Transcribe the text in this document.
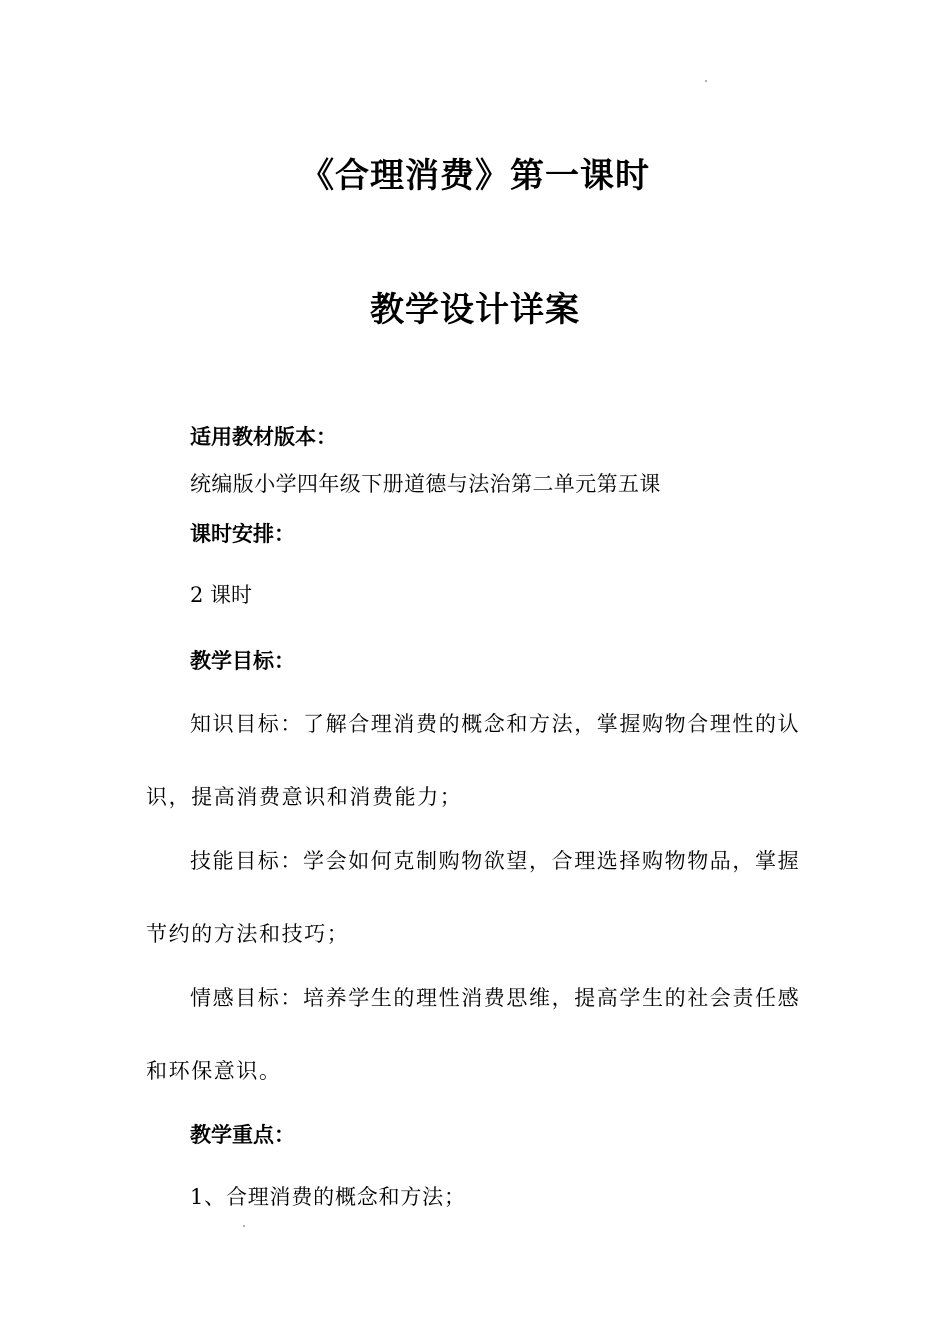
《合理消费》第一课时
教学设计详案
适用教材版本：
统编版小学四年级下册道德与法治第二单元第五课
课时安排：
2 课时
教学目标：
知识目标：了解合理消费的概念和方法，掌握购物合理性的认
识，提高消费意识和消费能力；
技能目标：学会如何克制购物欲望，合理选择购物物品，掌握
节约的方法和技巧；
情感目标：培养学生的理性消费思维，提高学生的社会责任感
和环保意识。
教学重点：
1、合理消费的概念和方法；
